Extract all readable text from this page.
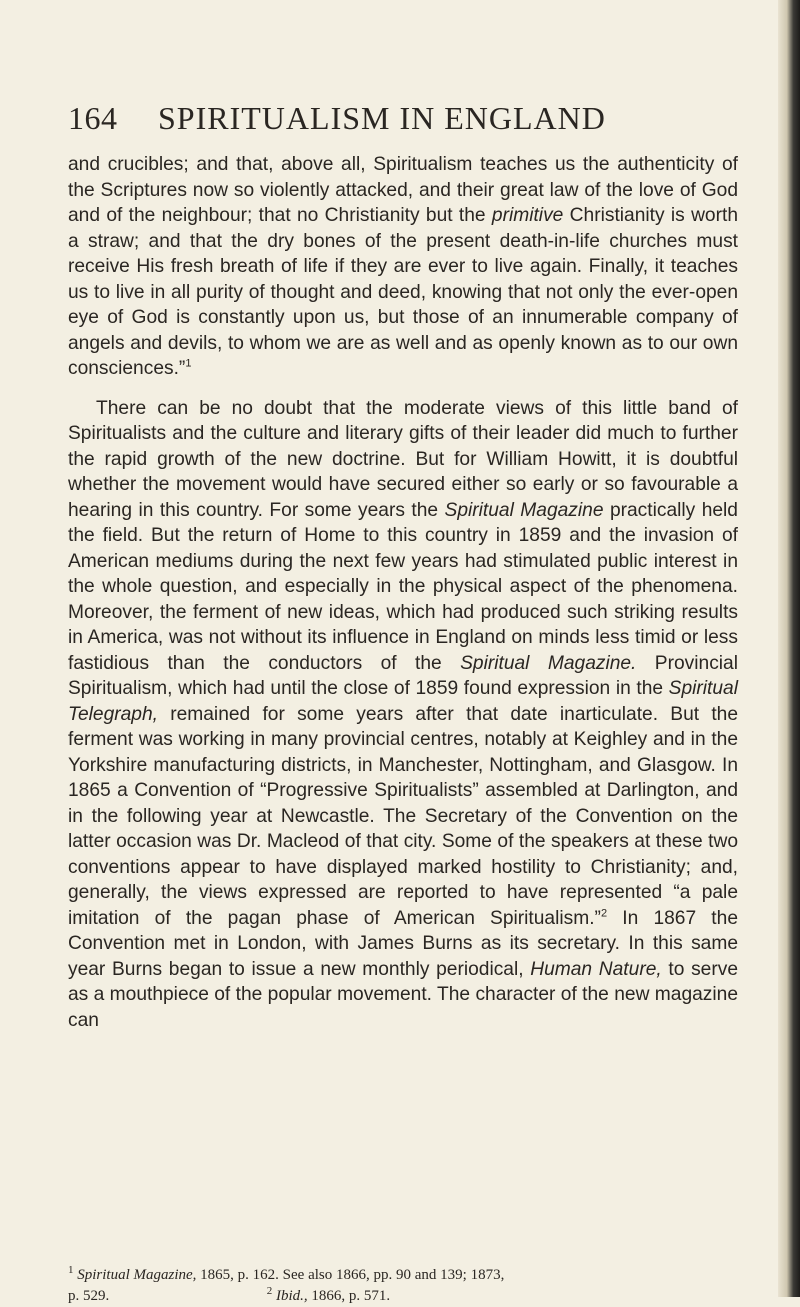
164 SPIRITUALISM IN ENGLAND

and crucibles; and that, above all, Spiritualism teaches us the authenticity of the Scriptures now so violently attacked, and their great law of the love of God and of the neighbour; that no Christianity but the primitive Christianity is worth a straw; and that the dry bones of the present death-in-life churches must receive His fresh breath of life if they are ever to live again. Finally, it teaches us to live in all purity of thought and deed, knowing that not only the ever-open eye of God is constantly upon us, but those of an innumerable company of angels and devils, to whom we are as well and as openly known as to our own consciences.”$^1$

There can be no doubt that the moderate views of this little band of Spiritualists and the culture and literary gifts of their leader did much to further the rapid growth of the new doctrine. But for William Howitt, it is doubtful whether the movement would have secured either so early or so favourable a hearing in this country. For some years the Spiritual Magazine practically held the field. But the return of Home to this country in 1859 and the invasion of American mediums during the next few years had stimulated public interest in the whole question, and especially in the physical aspect of the phenomena. Moreover, the ferment of new ideas, which had produced such striking results in America, was not without its influence in England on minds less timid or less fastidious than the conductors of the Spiritual Magazine. Provincial Spiritualism, which had until the close of 1859 found expression in the Spiritual Telegraph, remained for some years after that date inarticulate. But the ferment was working in many provincial centres, notably at Keighley and in the Yorkshire manufacturing districts, in Manchester, Nottingham, and Glasgow. In 1865 a Convention of “Progressive Spiritualists” assembled at Darlington, and in the following year at Newcastle. The Secretary of the Convention on the latter occasion was Dr. Macleod of that city. Some of the speakers at these two conventions appear to have displayed marked hostility to Christianity; and, generally, the views expressed are reported to have represented “a pale imitation of the pagan phase of American Spiritualism.”$^2$ In 1867 the Convention met in London, with James Burns as its secretary. In this same year Burns began to issue a new monthly periodical, Human Nature, to serve as a mouthpiece of the popular movement. The character of the new magazine can

$^1$ Spiritual Magazine, 1865, p. 162. See also 1866, pp. 90 and 139; 1873,
p. 529.	$^2$ Ibid., 1866, p. 571.
